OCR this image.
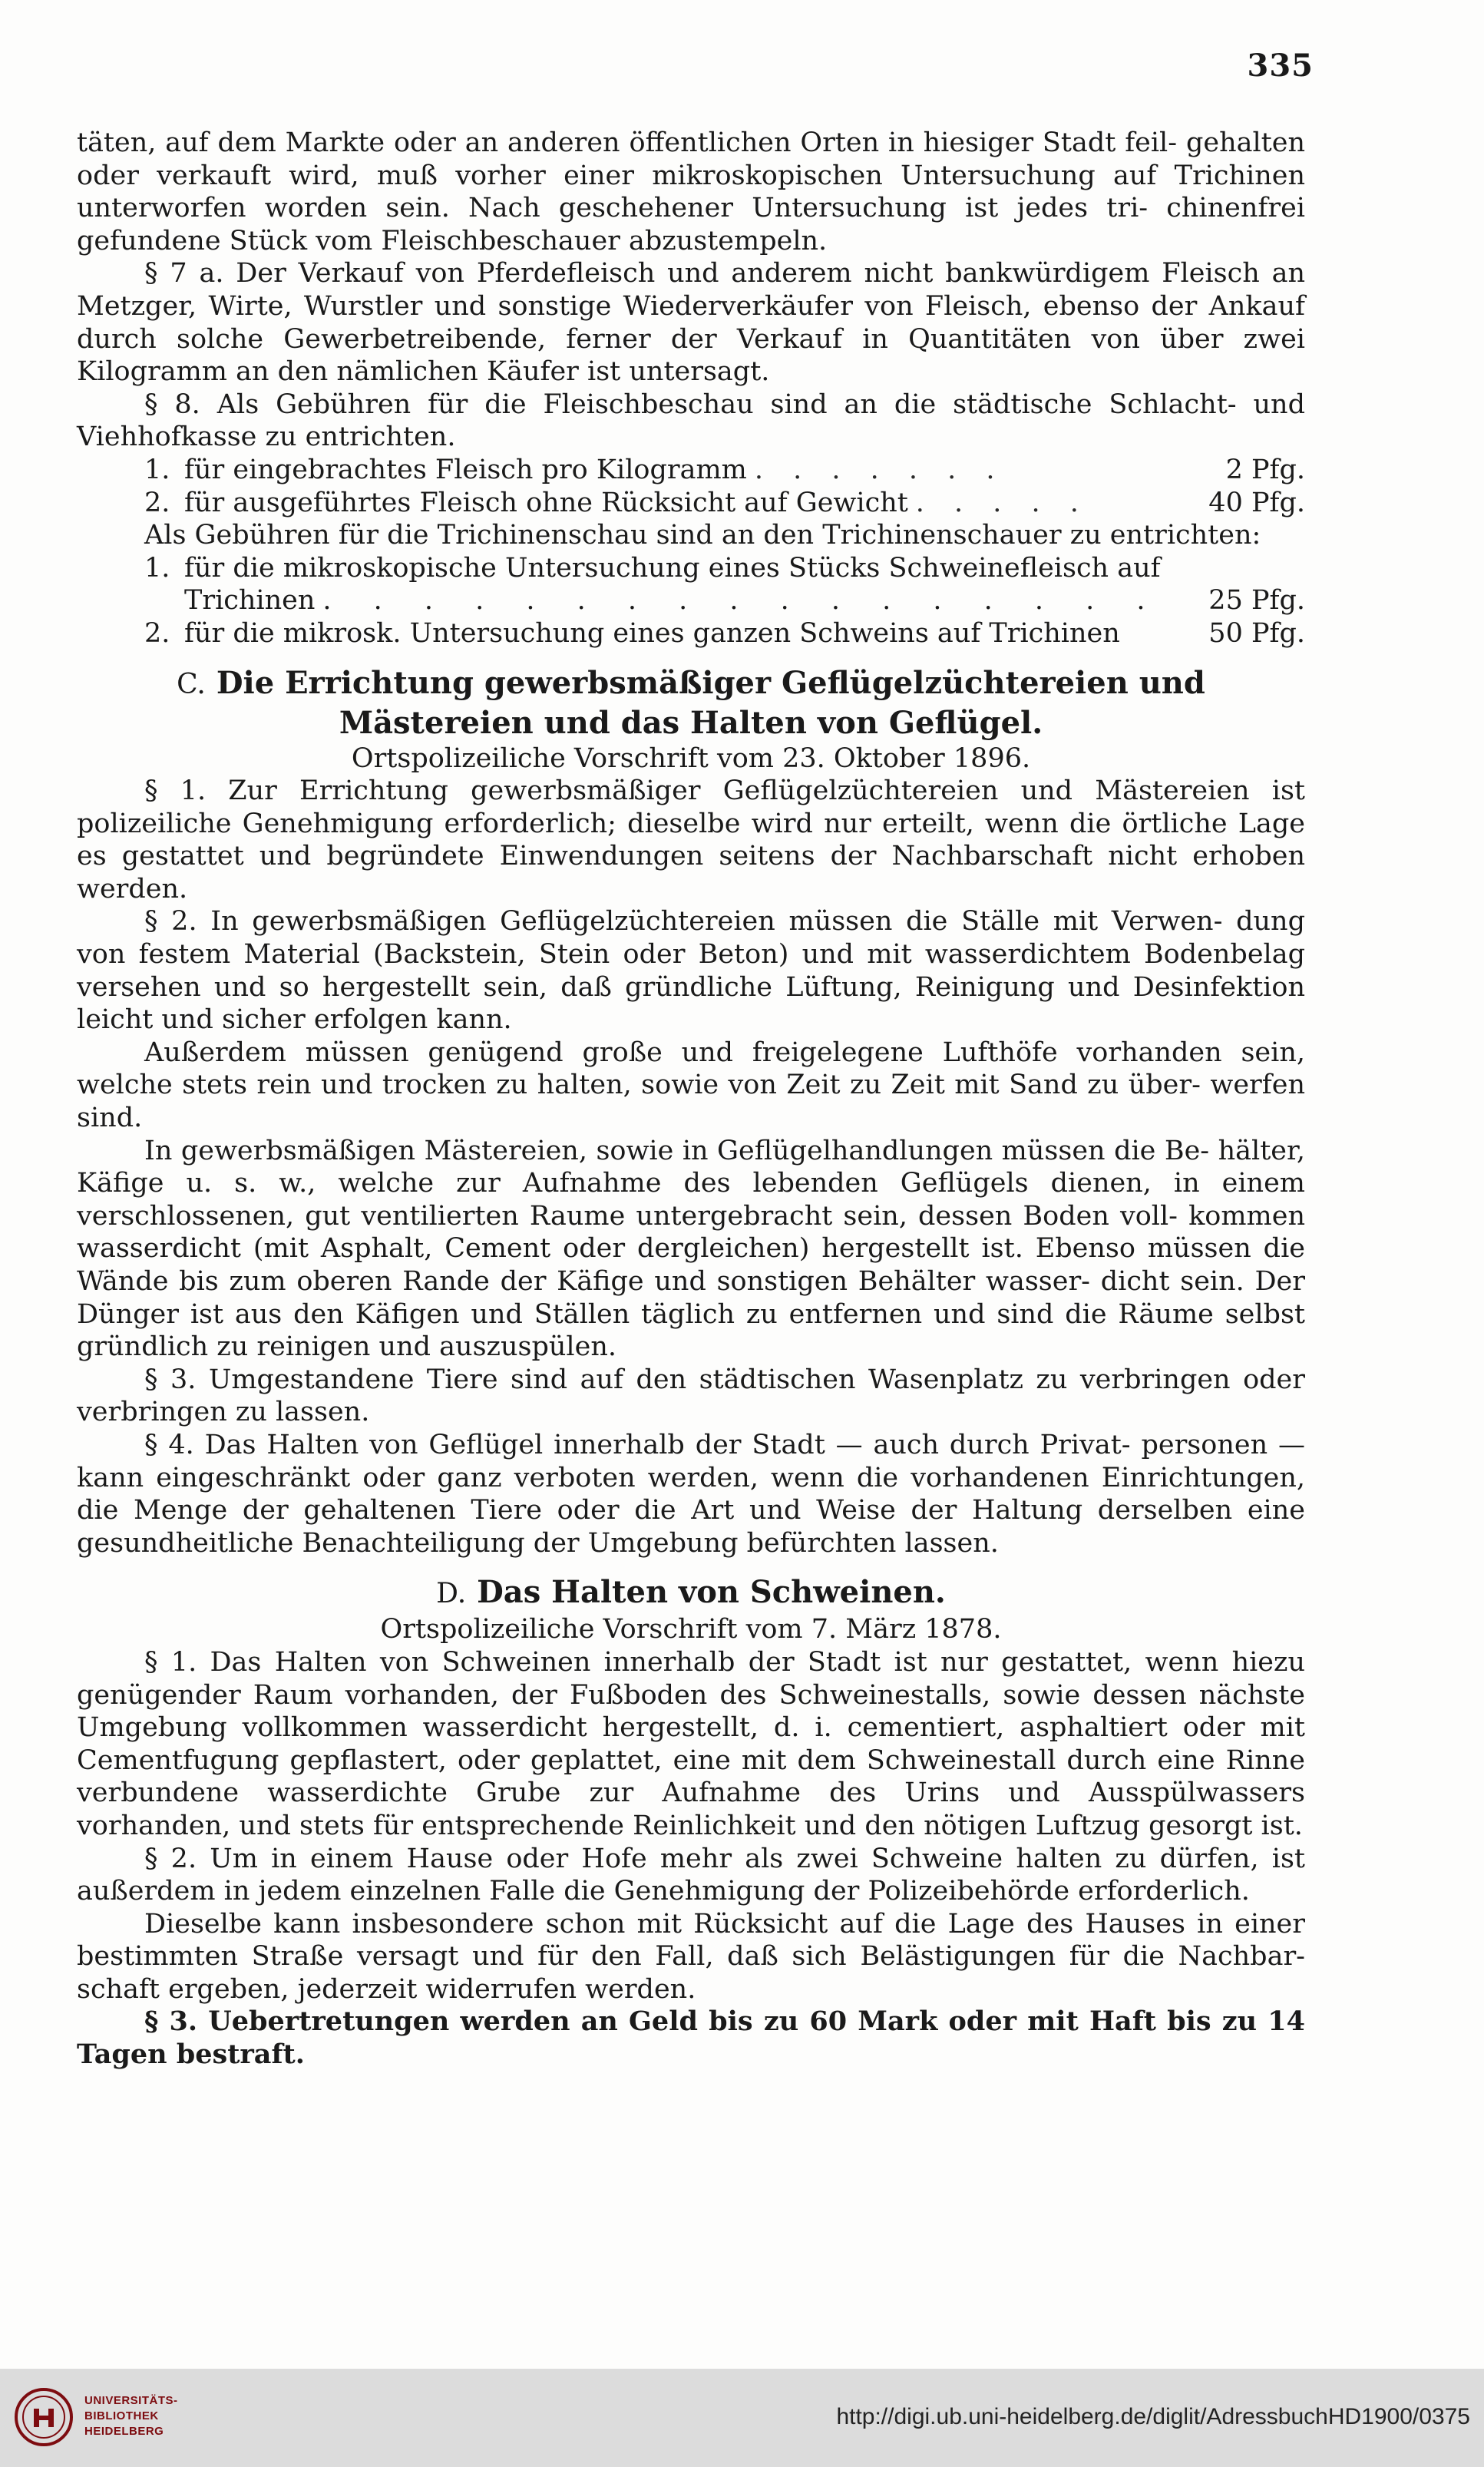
335

täten, auf dem Markte oder an anderen öffentlichen Orten in hiesiger Stadt feil- gehalten oder verkauft wird, muß vorher einer mikroskopischen Untersuchung auf Trichinen unterworfen worden sein. Nach geschehener Untersuchung ist jedes tri- chinenfrei gefundene Stück vom Fleischbeschauer abzustempeln.

§ 7 a. Der Verkauf von Pferdefleisch und anderem nicht bankwürdigem Fleisch an Metzger, Wirte, Wurstler und sonstige Wiederverkäufer von Fleisch, ebenso der Ankauf durch solche Gewerbetreibende, ferner der Verkauf in Quantitäten von über zwei Kilogramm an den nämlichen Käufer ist untersagt.

§ 8. Als Gebühren für die Fleischbeschau sind an die städtische Schlacht- und Viehhofkasse zu entrichten.

1. für eingebrachtes Fleisch pro Kilogramm . . . . . . .	2 Pfg.
2. für ausgeführtes Fleisch ohne Rücksicht auf Gewicht . . . . .	40 Pfg.

Als Gebühren für die Trichinenschau sind an den Trichinenschauer zu entrichten:

1. für die mikroskopische Untersuchung eines Stücks Schweinefleisch auf
Trichinen . . . . . . . . . . . . . . . . .	25 Pfg.
2. für die mikrosk. Untersuchung eines ganzen Schweins auf Trichinen	50 Pfg.
C. Die Errichtung gewerbsmäßiger Geflügelzüchtereien und
Mästereien und das Halten von Geflügel.
Ortspolizeiliche Vorschrift vom 23. Oktober 1896.

§ 1. Zur Errichtung gewerbsmäßiger Geflügelzüchtereien und Mästereien ist polizeiliche Genehmigung erforderlich; dieselbe wird nur erteilt, wenn die örtliche Lage es gestattet und begründete Einwendungen seitens der Nachbarschaft nicht erhoben werden.

§ 2. In gewerbsmäßigen Geflügelzüchtereien müssen die Ställe mit Verwen- dung von festem Material (Backstein, Stein oder Beton) und mit wasserdichtem Bodenbelag versehen und so hergestellt sein, daß gründliche Lüftung, Reinigung und Desinfektion leicht und sicher erfolgen kann.

Außerdem müssen genügend große und freigelegene Lufthöfe vorhanden sein, welche stets rein und trocken zu halten, sowie von Zeit zu Zeit mit Sand zu über- werfen sind.

In gewerbsmäßigen Mästereien, sowie in Geflügelhandlungen müssen die Be- hälter, Käfige u. s. w., welche zur Aufnahme des lebenden Geflügels dienen, in einem verschlossenen, gut ventilierten Raume untergebracht sein, dessen Boden voll- kommen wasserdicht (mit Asphalt, Cement oder dergleichen) hergestellt ist. Ebenso müssen die Wände bis zum oberen Rande der Käfige und sonstigen Behälter wasser- dicht sein. Der Dünger ist aus den Käfigen und Ställen täglich zu entfernen und sind die Räume selbst gründlich zu reinigen und auszuspülen.

§ 3. Umgestandene Tiere sind auf den städtischen Wasenplatz zu verbringen oder verbringen zu lassen.

§ 4. Das Halten von Geflügel innerhalb der Stadt — auch durch Privat- personen — kann eingeschränkt oder ganz verboten werden, wenn die vorhandenen Einrichtungen, die Menge der gehaltenen Tiere oder die Art und Weise der Haltung derselben eine gesundheitliche Benachteiligung der Umgebung befürchten lassen.

D. Das Halten von Schweinen.
Ortspolizeiliche Vorschrift vom 7. März 1878.

§ 1. Das Halten von Schweinen innerhalb der Stadt ist nur gestattet, wenn hiezu genügender Raum vorhanden, der Fußboden des Schweinestalls, sowie dessen nächste Umgebung vollkommen wasserdicht hergestellt, d. i. cementiert, asphaltiert oder mit Cementfugung gepflastert, oder geplattet, eine mit dem Schweinestall durch eine Rinne verbundene wasserdichte Grube zur Aufnahme des Urins und Ausspülwassers vorhanden, und stets für entsprechende Reinlichkeit und den nötigen Luftzug gesorgt ist.

§ 2. Um in einem Hause oder Hofe mehr als zwei Schweine halten zu dürfen, ist außerdem in jedem einzelnen Falle die Genehmigung der Polizeibehörde erforderlich.

Dieselbe kann insbesondere schon mit Rücksicht auf die Lage des Hauses in einer bestimmten Straße versagt und für den Fall, daß sich Belästigungen für die Nachbar- schaft ergeben, jederzeit widerrufen werden.

§ 3. Uebertretungen werden an Geld bis zu 60 Mark oder mit Haft bis zu 14 Tagen bestraft.

UNIVERSITÄTS-
BIBLIOTHEK
HEIDELBERG
http://digi.ub.uni-heidelberg.de/diglit/AdressbuchHD1900/0375
